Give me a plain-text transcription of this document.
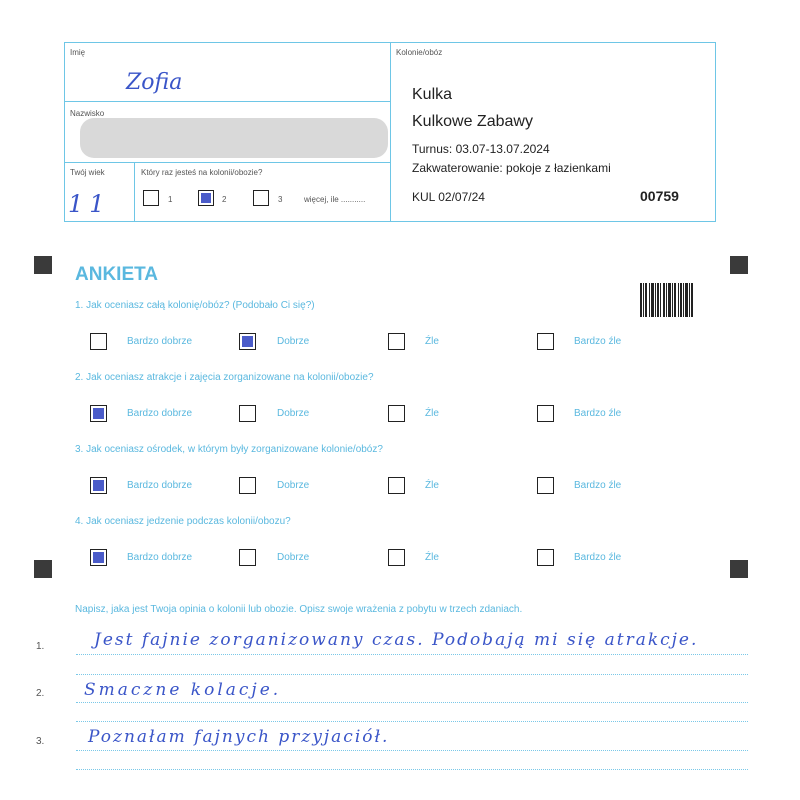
Imię
Zofia
Nazwisko
Twój wiek
11
Który raz jesteś na kolonii/obozie?
1	2	3	więcej, ile ...........
Kolonie/obóz
Kulka
Kulkowe Zabawy
Turnus: 03.07-13.07.2024
Zakwaterowanie: pokoje z łazienkami
KUL 02/07/24	00759
ANKIETA
1. Jak oceniasz całą kolonię/obóz? (Podobało Ci się?)
Bardzo dobrze	Dobrze	Źle	Bardzo źle
2. Jak oceniasz atrakcje i zajęcia zorganizowane na kolonii/obozie?
Bardzo dobrze	Dobrze	Źle	Bardzo źle
3. Jak oceniasz ośrodek, w którym były zorganizowane kolonie/obóz?
Bardzo dobrze	Dobrze	Źle	Bardzo źle
4. Jak oceniasz jedzenie podczas kolonii/obozu?
Bardzo dobrze	Dobrze	Źle	Bardzo źle
Napisz, jaka jest Twoja opinia o kolonii lub obozie. Opisz swoje wrażenia z pobytu w trzech zdaniach.
1.	Jest fajnie zorganizowany czas. Podobają mi się atrakcje.
2. Smaczne kolacje.
3.	Poznałam fajnych przyjaciół.
